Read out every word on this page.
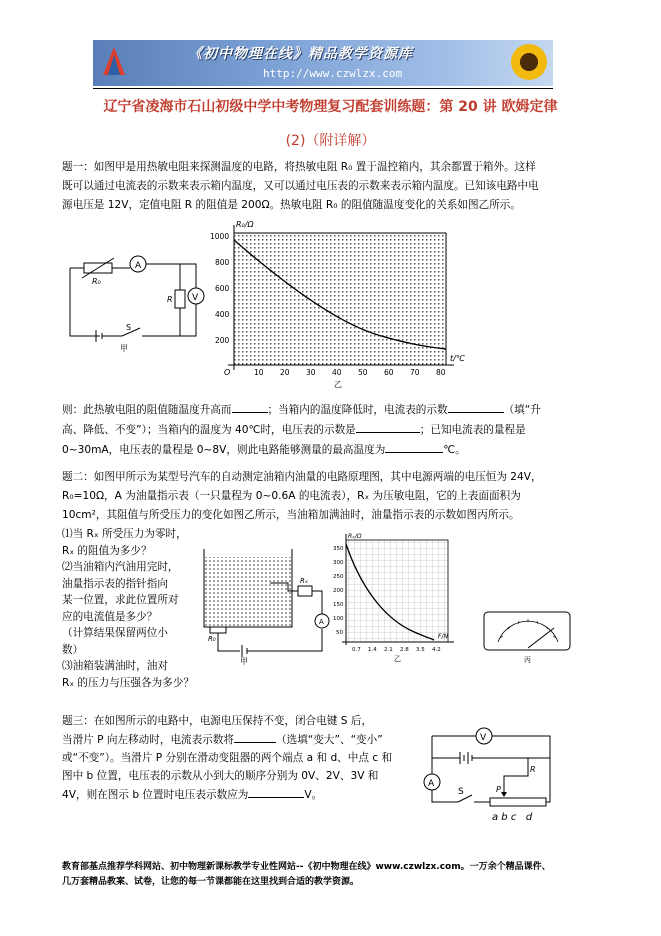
《初中物理在线》精品教学资源库
http://www.czwlzx.com
辽宁省凌海市石山初级中学中考物理复习配套训练题：第 20 讲 欧姆定律
(2)（附详解）
题一：如图甲是用热敏电阻来探测温度的电路，将热敏电阻 R₀ 置于温控箱内，其余都置于箱外。这样
既可以通过电流表的示数来表示箱内温度，又可以通过电压表的示数来表示箱内温度。已知该电路中电
源电压是 12V，定值电阻 R 的阻值是 200Ω。热敏电阻 R₀ 的阻值随温度变化的关系如图乙所示。
A
V
R₀
R
S
甲
R₀/Ω
t/℃
O
1000
800
600
400
200
10 20 30 40 50 60 70 80
乙
则：此热敏电阻的阻值随温度升高而	；当箱内的温度降低时，电流表的示数	（填“升
高、降低、不变”）；当箱内的温度为 40℃时，电压表的示数是	；已知电流表的量程是
0~30mA，电压表的量程是 0~8V，则此电路能够测量的最高温度为	℃。
题二：如图甲所示为某型号汽车的自动测定油箱内油量的电路原理图，其中电源两端的电压恒为 24V，
R₀=10Ω，A 为油量指示表（一只量程为 0~0.6A 的电流表），Rₓ 为压敏电阻，它的上表面面积为
10cm²，其阻值与所受压力的变化如图乙所示，当油箱加满油时，油量指示表的示数如图丙所示。
⑴当 Rₓ 所受压力为零时，
Rₓ 的阻值为多少？
⑵当油箱内汽油用完时，
油量指示表的指针指向
某一位置，求此位置所对
应的电流值是多少？
（计算结果保留两位小
数）
⑶油箱装满油时，油对
Rₓ 的压力与压强各为多少？
A
R₀
Rₓ
甲
Rₓ/Ω
F/N
350
300
250
200
150
100
50
0.7 1.4 2.1 2.8 3.5 4.2
乙	丙
题三：在如图所示的电路中，电源电压保持不变，闭合电键 S 后，
当滑片 P 向左移动时，电流表示数将	（选填“变大”、“变小”
或“不变”）。当滑片 P 分别在滑动变阻器的两个端点 a 和 d、中点 c 和
图中 b 位置，电压表的示数从小到大的顺序分别为 0V、2V、3V 和
4V，则在图示 b 位置时电压表示数应为	V。
V
A
S
R
P
a b c   d
教育部基点推荐学科网站、初中物理新课标教学专业性网站--《初中物理在线》www.czwlzx.com。一万余个精品课件、
几万套精品教案、试卷，让您的每一节课都能在这里找到合适的教学资源。
